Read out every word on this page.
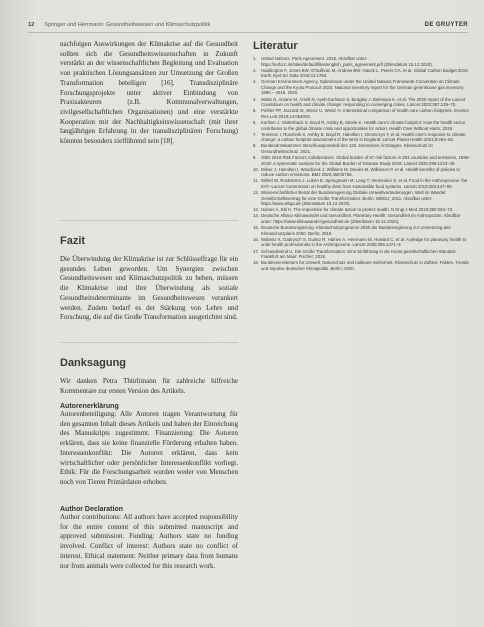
12 Springer und Herrmann: Gesundheitswesen und Klimaschutzpolitik	DE GRUYTER

nachfolgen Auswirkungen der Klimakrise auf die Gesundheit sollten sich die Gesundheitswissenschaften in Zukunft verstärkt an der wissenschaftlichen Begleitung und Evaluation von praktischen Lösungsansätzen zur Umsetzung der Großen Transformation beteiligen [16]. Transdisziplinäre Forschungsprojekte unter aktiver Einbindung von Praxisakteuren (z.B. Kommunalverwaltungen, zivilgesellschaftlichen Organisationen) und eine verstärkte Kooperation mit der Nachhaltigkeitswissenschaft (mit ihrer langjährigen Erfahrung in der transdisziplinären Forschung) könnten besonders zielführend sein [18].

Fazit

Die Überwindung der Klimakrise ist zur Schlüsselfrage für ein gesundes Leben geworden. Um Synergien zwischen Gesundheitswesen und Klimaschutzpolitik zu heben, müssen die Klimakrise und ihre Überwindung als soziale Gesundheitsdeterminante im Gesundheitswesen verankert werden. Zudem bedarf es der Stärkung von Lehre und Forschung, die auf die Große Transformation ausgerichtet sind.

Danksagung

Wir danken Petra Thürlimann für zahlreiche hilfreiche Kommentare zur ersten Version des Artikels.

Autorenerklärung

Autorenbeteiligung: Alle Autoren tragen Verantwortung für den gesamten Inhalt dieses Artikels und haben der Einreichung des Manuskripts zugestimmt. Finanzierung: Die Autoren erklären, dass sie keine finanzielle Förderung erhalten haben. Interessenkonflikt: Die Autoren erklären, dass kein wirtschaftlicher oder persönlicher Interessenkonflikt vorliegt. Ethik: Für die Forschungsarbeit wurden weder von Menschen noch von Tieren Primärdaten erhoben.

Author Declaration

Author contributions: All authors have accepted responsibility for the entire content of this submitted manuscript and approved submission. Funding: Authors state no funding involved. Conflict of interest: Authors state no conflict of interest. Ethical statement: Neither primary data from humans nor from animals were collected for this research work.

Literatur
1.	United Nations. Paris Agreement. 2015. Abrufbar unter: https://unfccc.int/sites/default/files/english_paris_agreement.pdf (Zitierdatum 15.12.2020).
2.	Haddington F, Jones BW, O'Sullivan M, Andrew BW, Hauck L, Peters CA, et al. Global Carbon Budget 2019. Earth Syst Sci Data 2019;11:1783.
3.	German Environment Agency. Submission under the United Nations Framework Convention on Climate Change and the Kyoto Protocol 2020. National inventory report for the German greenhouse gas inventory 1990 – 2018. 2020.
4.	Watts N, Amann M, Arnell N, Ayeb-Karlsson S, Beagley J, Belesova K, et al. The 2020 report of the Lancet Countdown on health and climate change: responding to converging crises. Lancet 2020;397:129–70.
5.	Pichler PP, Jaccard IS, Weisz U, Weisz H. International comparison of health care carbon footprints. Environ Res Lett 2019;14:064004.
6.	Karliner J, Slotterback S, Boyd R, Ashby B, Steele K. Health care's climate footprint: How the health sector contributes to the global climate crisis and opportunities for action. Health Care Without Harm; 2019.
7.	Tennison I, Roschnik S, Ashby B, Boyd R, Hamilton I, Oreszczyn T, et al. Health care's response to climate change: a carbon footprint assessment of the NHS in England. Lancet Planet Health 2021;5:e84–92.
8.	Bundesärztekammer. Beschlussprotokoll des 125. Deutschen Ärztetages. Klimaschutz ist Gesundheitsschutz. 2021.
9.	GBD 2019 Risk Factors Collaborators. Global burden of 87 risk factors in 204 countries and territories, 1990–2019: a systematic analysis for the Global Burden of Disease Study 2019. Lancet 2020;396:1223–49.
10. Milner J, Hamilton I, Woodcock J, Williams M, Davies M, Wilkinson P, et al. Health benefits of policies to reduce carbon emissions. BMJ 2020;368:l6758.
11. Willett W, Rockström J, Loken B, Springmann M, Lang T, Vermeulen S, et al. Food in the Anthropocene: the EAT–Lancet Commission on healthy diets from sustainable food systems. Lancet 2019;393:447–92.
12. Wissenschaftlicher Beirat der Bundesregierung Globale Umweltveränderungen. Welt im Wandel: Gesellschaftsvertrag für eine Große Transformation. Berlin: WBGU; 2011. Abrufbar unter: https://www.wbgu.de (Zitierdatum 15.12.2020).
13. Haines A, Ebi K. The imperative for climate action to protect health. N Engl J Med 2019;380:263–73.
14. Deutsche Allianz Klimawandel und Gesundheit. Planetary Health: Gesundheit im Anthropozän. Abrufbar unter: https://www.klimawandel-gesundheit.de (Zitierdatum 15.12.2020).
15. Deutsche Bundesregierung. Klimaschutzprogramm 2030 der Bundesregierung zur Umsetzung des Klimaschutzplans 2050. Berlin; 2019.
16. Wabnitz K, Gabrysch S, Guinto R, Haines A, Herrmann M, Howard C, et al. A pledge for planetary health to unite health professionals in the Anthropocene. Lancet 2020;396:1471–3.
17. Schneidewind U. Die Große Transformation: Eine Einführung in die Kunst gesellschaftlichen Wandels. Frankfurt am Main: Fischer; 2018.
18. Bundesministerium für Umwelt, Naturschutz und nukleare Sicherheit. Klimaschutz in Zahlen: Fakten, Trends und Impulse deutscher Klimapolitik. Berlin; 2020.
